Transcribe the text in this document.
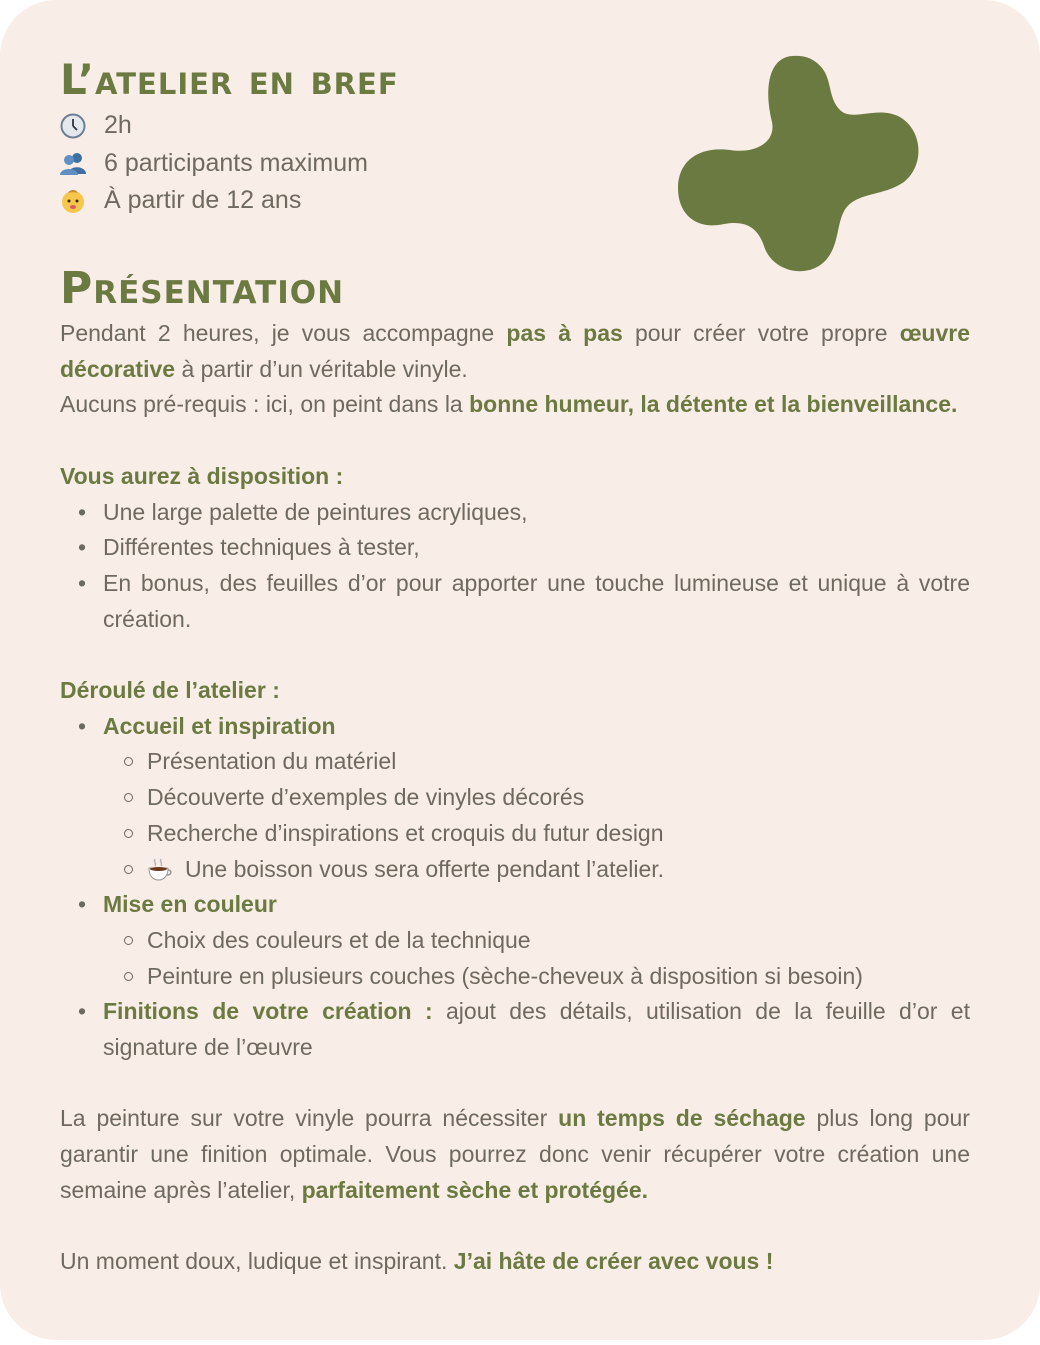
L’atelier en bref
2h
6 participants maximum
À partir de 12 ans
Présentation

Pendant 2 heures, je vous accompagne pas à pas pour créer votre propre œuvre décorative à partir d’un véritable vinyle.

Aucuns pré-requis : ici, on peint dans la bonne humeur, la détente et la bienveillance.

Vous aurez à disposition :

• Une large palette de peintures acryliques,
• Différentes techniques à tester,
• En bonus, des feuilles d’or pour apporter une touche lumineuse et unique à votre création.

Déroulé de l’atelier :

• Accueil et inspiration
Présentation du matériel
Découverte d’exemples de vinyles décorés
Recherche d’inspirations et croquis du futur design
Une boisson vous sera offerte pendant l’atelier.
• Mise en couleur
Choix des couleurs et de la technique
Peinture en plusieurs couches (sèche-cheveux à disposition si besoin)
• Finitions de votre création : ajout des détails, utilisation de la feuille d’or et signature de l’œuvre

La peinture sur votre vinyle pourra nécessiter un temps de séchage plus long pour garantir une finition optimale. Vous pourrez donc venir récupérer votre création une semaine après l’atelier, parfaitement sèche et protégée.

Un moment doux, ludique et inspirant. J’ai hâte de créer avec vous !
